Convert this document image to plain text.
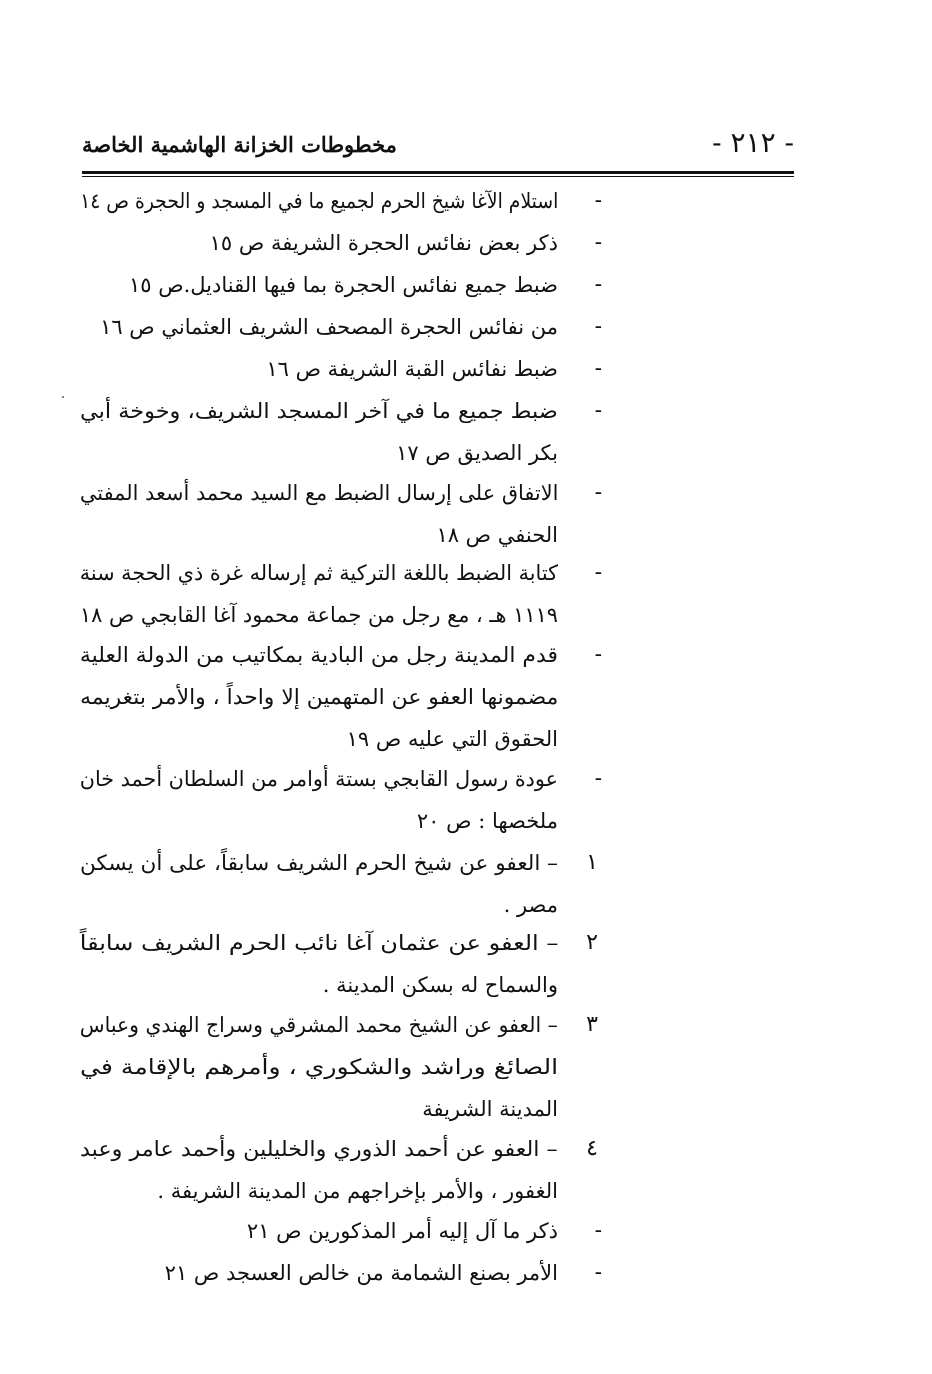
- ٢١٢ -
مخطوطات الخزانة الهاشمية الخاصة
-
استلام الآغا شيخ الحرم لجميع ما في المسجد و الحجرة ص ١٤
-
ذكر بعض نفائس الحجرة الشريفة ص ١٥
-
ضبط جميع نفائس الحجرة بما فيها القناديل.ص ١٥
-
من نفائس الحجرة المصحف الشريف العثماني ص ١٦
-
ضبط نفائس القبة الشريفة ص ١٦
-
ضبط جميع ما في آخر المسجد الشريف، وخوخة أبي
بكر الصديق ص ١٧
-
الاتفاق على إرسال الضبط مع السيد محمد أسعد المفتي
الحنفي ص ١٨
-
كتابة الضبط باللغة التركية ثم إرساله غرة ذي الحجة سنة
١١١٩ هـ ، مع رجل من جماعة محمود آغا القابجي ص ١٨
-
قدم المدينة رجل من البادية بمكاتيب من الدولة العلية
مضمونها العفو عن المتهمين إلا واحداً ، والأمر بتغريمه
الحقوق التي عليه ص ١٩
-
عودة رسول القابجي بستة أوامر من السلطان أحمد خان
ملخصها : ص ٢٠
١
– العفو عن شيخ الحرم الشريف سابقاً، على أن يسكن
مصر .
٢
– العفو عن عثمان آغا نائب الحرم الشريف سابقاً
والسماح له بسكن المدينة .
٣
– العفو عن الشيخ محمد المشرقي وسراج الهندي وعباس
الصائغ وراشد والشكوري ، وأمرهم بالإقامة في
المدينة الشريفة
٤
– العفو عن أحمد الذوري والخليلين وأحمد عامر وعبد
الغفور ، والأمر بإخراجهم من المدينة الشريفة .
-
ذكر ما آل إليه أمر المذكورين ص ٢١
-
الأمر بصنع الشمامة من خالص العسجد ص ٢١
